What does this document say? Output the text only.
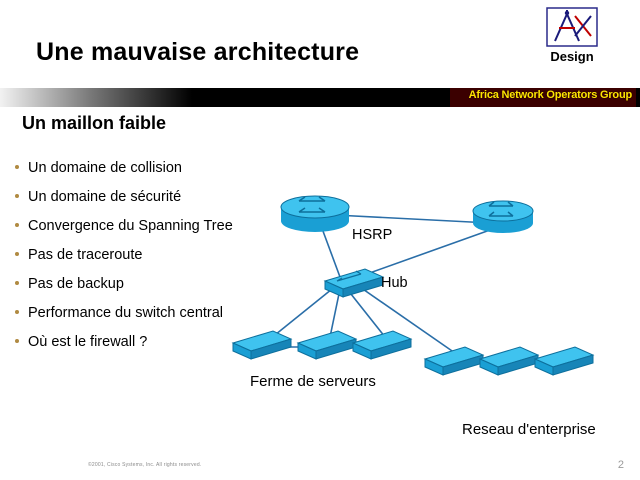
Une mauvaise architecture	Design
Africa Network Operators Group
Un maillon faible
Un domaine de collision
Un domaine de sécurité
Convergence du Spanning Tree
Pas de traceroute
Pas de backup
Performance du switch central
Où est le firewall ?
HSRP
Hub
Ferme de serveurs
Reseau d'enterprise
©2001, Cisco Systems, Inc. All rights reserved.	2
